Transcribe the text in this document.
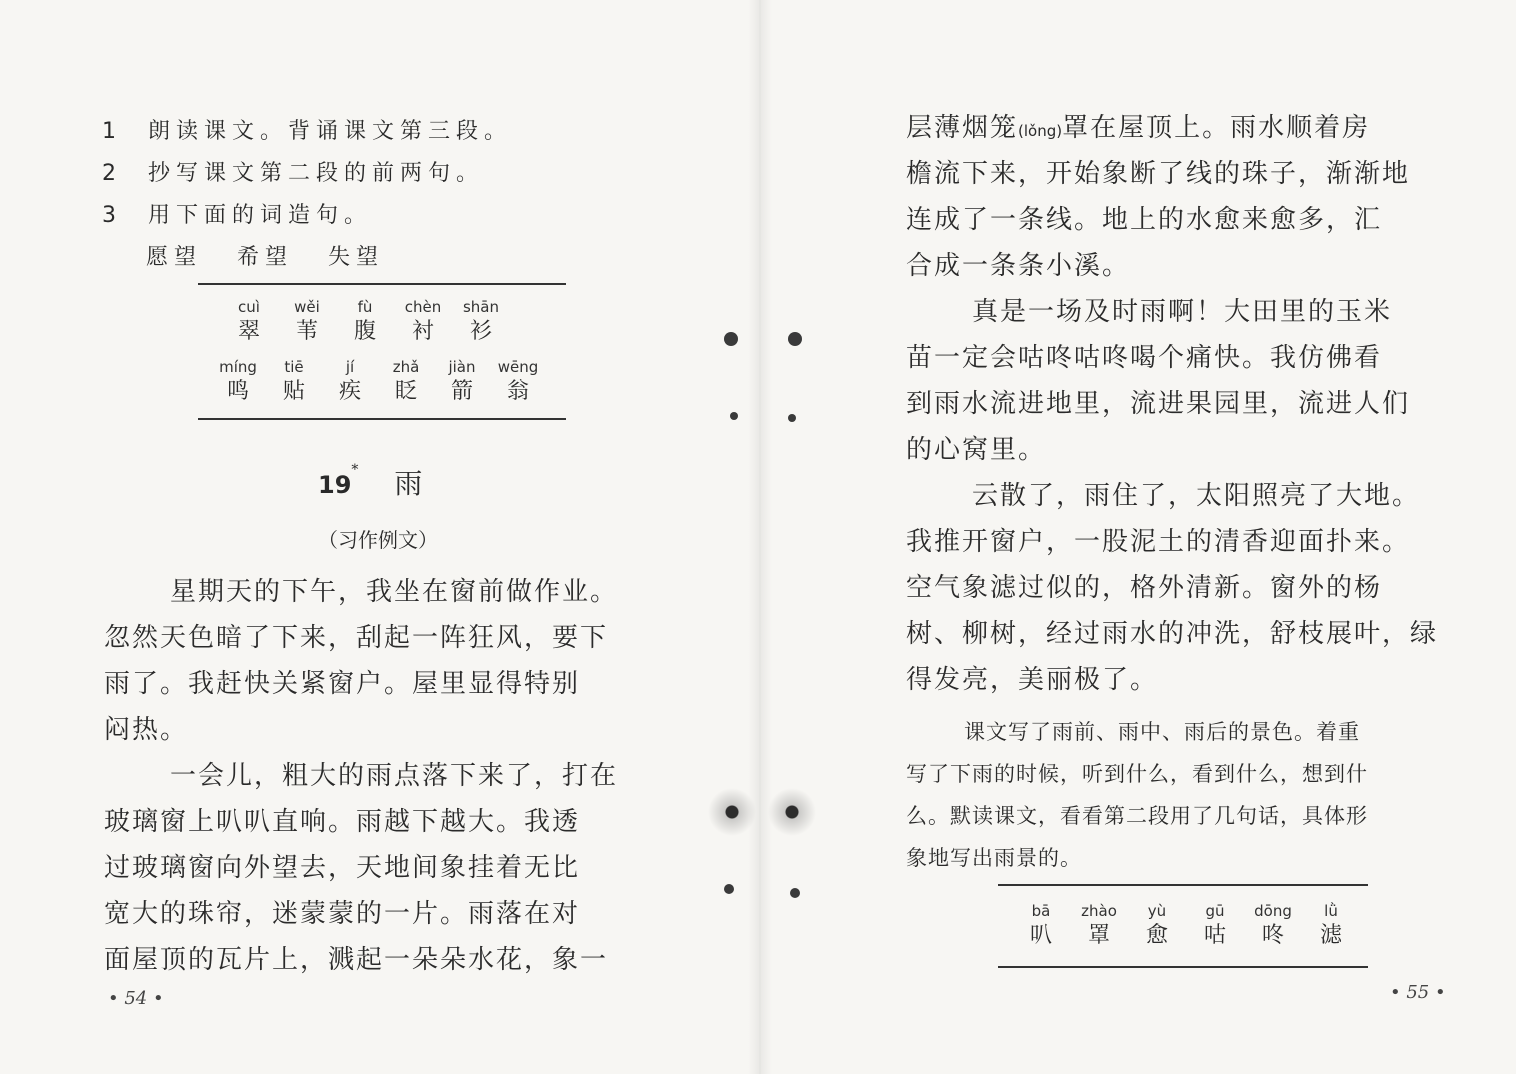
1 朗读课文。背诵课文第三段。
2 抄写课文第二段的前两句。
3 用下面的词造句。
愿望 希望 失望
cuì
翠
wěi
苇
fù
腹
chèn
衬
shān
衫
míng
鸣
tiē
贴
jí
疾
zhǎ
眨
jiàn
箭
wēng
翁
19* 雨
（习作例文）
星期天的下午，我坐在窗前做作业。
忽然天色暗了下来，刮起一阵狂风，要下
雨了。我赶快关紧窗户。屋里显得特别
闷热。
一会儿，粗大的雨点落下来了，打在
玻璃窗上叭叭直响。雨越下越大。我透
过玻璃窗向外望去，天地间象挂着无比
宽大的珠帘，迷蒙蒙的一片。雨落在对
面屋顶的瓦片上，溅起一朵朵水花，象一
• 54 •
层薄烟笼(lǒng)罩在屋顶上。雨水顺着房
檐流下来，开始象断了线的珠子，渐渐地
连成了一条线。地上的水愈来愈多，汇
合成一条条小溪。
真是一场及时雨啊！大田里的玉米
苗一定会咕咚咕咚喝个痛快。我仿佛看
到雨水流进地里，流进果园里，流进人们
的心窝里。
云散了，雨住了，太阳照亮了大地。
我推开窗户，一股泥土的清香迎面扑来。
空气象滤过似的，格外清新。窗外的杨
树、柳树，经过雨水的冲洗，舒枝展叶，绿
得发亮，美丽极了。
课文写了雨前、雨中、雨后的景色。着重
写了下雨的时候，听到什么，看到什么，想到什
么。默读课文，看看第二段用了几句话，具体形
象地写出雨景的。
bā
叭
zhào
罩
yù
愈
gū
咕
dōng
咚
lǜ
滤
• 55 •
